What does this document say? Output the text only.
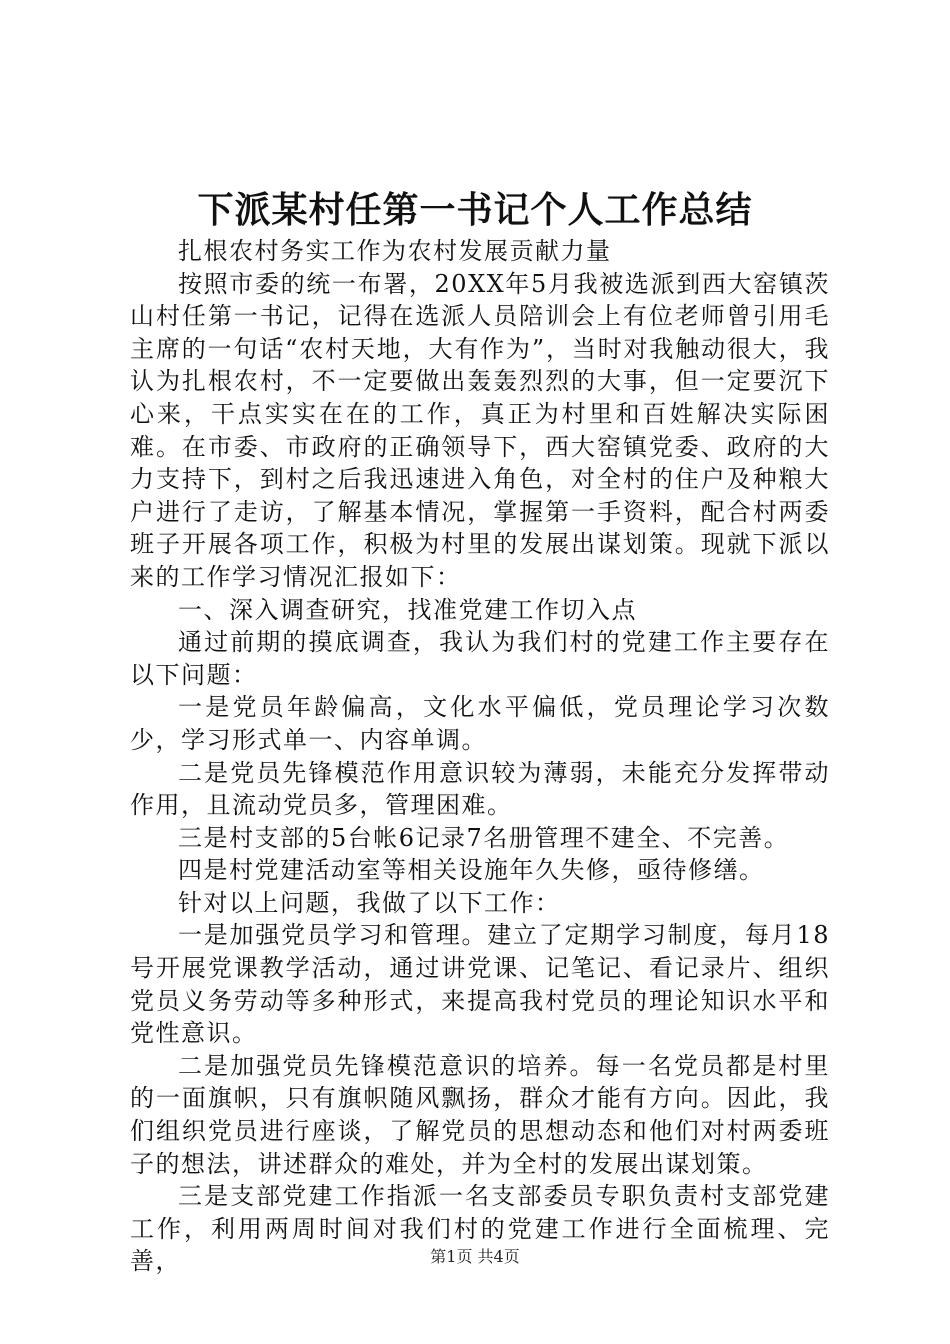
下派某村任第一书记个人工作总结

扎根农村务实工作为农村发展贡献力量

按照市委的统一布署，20XX年5月我被选派到西大窑镇茨山村任第一书记，记得在选派人员陪训会上有位老师曾引用毛主席的一句话“农村天地，大有作为”，当时对我触动很大，我认为扎根农村，不一定要做出轰轰烈烈的大事，但一定要沉下心来，干点实实在在的工作，真正为村里和百姓解决实际困难。在市委、市政府的正确领导下，西大窑镇党委、政府的大力支持下，到村之后我迅速进入角色，对全村的住户及种粮大户进行了走访，了解基本情况，掌握第一手资料，配合村两委班子开展各项工作，积极为村里的发展出谋划策。现就下派以来的工作学习情况汇报如下：

一、深入调查研究，找准党建工作切入点

通过前期的摸底调查，我认为我们村的党建工作主要存在以下问题：

一是党员年龄偏高，文化水平偏低，党员理论学习次数少，学习形式单一、内容单调。

二是党员先锋模范作用意识较为薄弱，未能充分发挥带动作用，且流动党员多，管理困难。

三是村支部的5台帐6记录7名册管理不建全、不完善。

四是村党建活动室等相关设施年久失修，亟待修缮。

针对以上问题，我做了以下工作：

一是加强党员学习和管理。建立了定期学习制度，每月18号开展党课教学活动，通过讲党课、记笔记、看记录片、组织党员义务劳动等多种形式，来提高我村党员的理论知识水平和党性意识。

二是加强党员先锋模范意识的培养。每一名党员都是村里的一面旗帜，只有旗帜随风飘扬，群众才能有方向。因此，我们组织党员进行座谈，了解党员的思想动态和他们对村两委班子的想法，讲述群众的难处，并为全村的发展出谋划策。

三是支部党建工作指派一名支部委员专职负责村支部党建工作，利用两周时间对我们村的党建工作进行全面梳理、完善，	第1页 共4页
